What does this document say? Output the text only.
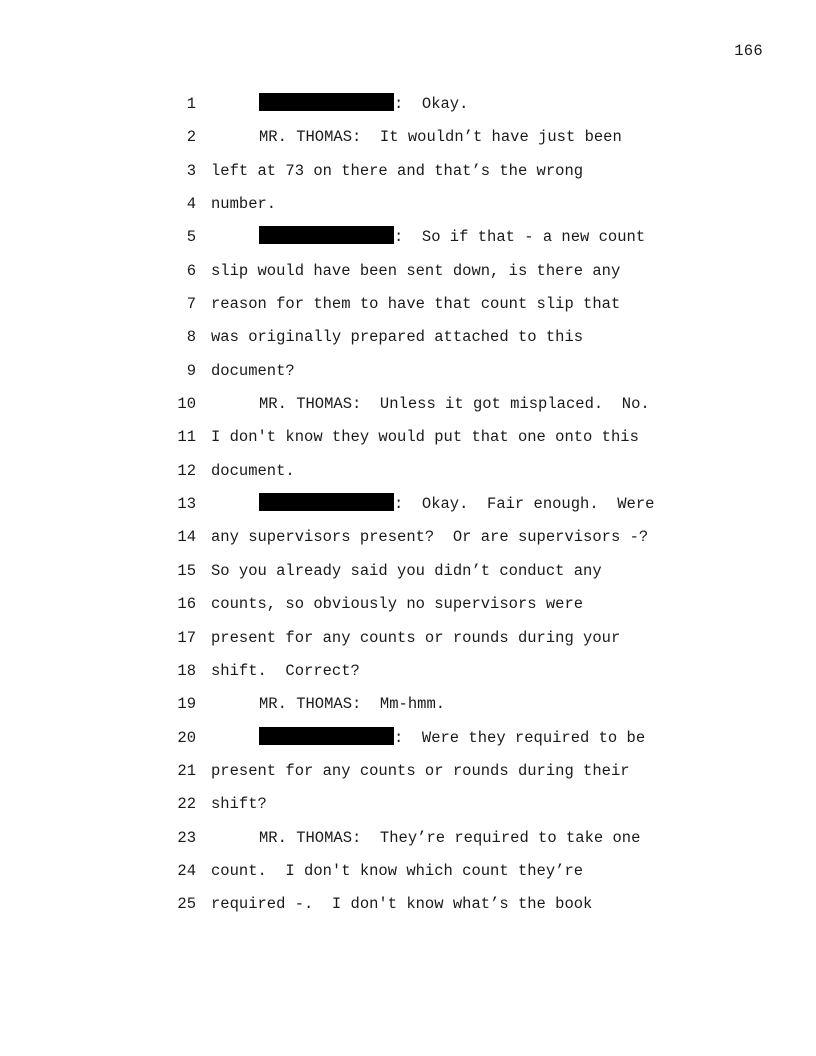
166
1	:  Okay.
2	MR. THOMAS:  It wouldn’t have just been
3 left at 73 on there and that’s the wrong
4 number.
5	:  So if that - a new count
6 slip would have been sent down, is there any
7 reason for them to have that count slip that
8 was originally prepared attached to this
9 document?
10	MR. THOMAS:  Unless it got misplaced.  No.
11 I don't know they would put that one onto this
12 document.
13	:  Okay.  Fair enough.  Were
14 any supervisors present?  Or are supervisors -?
15 So you already said you didn’t conduct any
16 counts, so obviously no supervisors were
17 present for any counts or rounds during your
18 shift.  Correct?
19	MR. THOMAS:  Mm-hmm.
20	:  Were they required to be
21 present for any counts or rounds during their
22 shift?
23	MR. THOMAS:  They’re required to take one
24 count.  I don't know which count they’re
25 required -.  I don't know what’s the book
